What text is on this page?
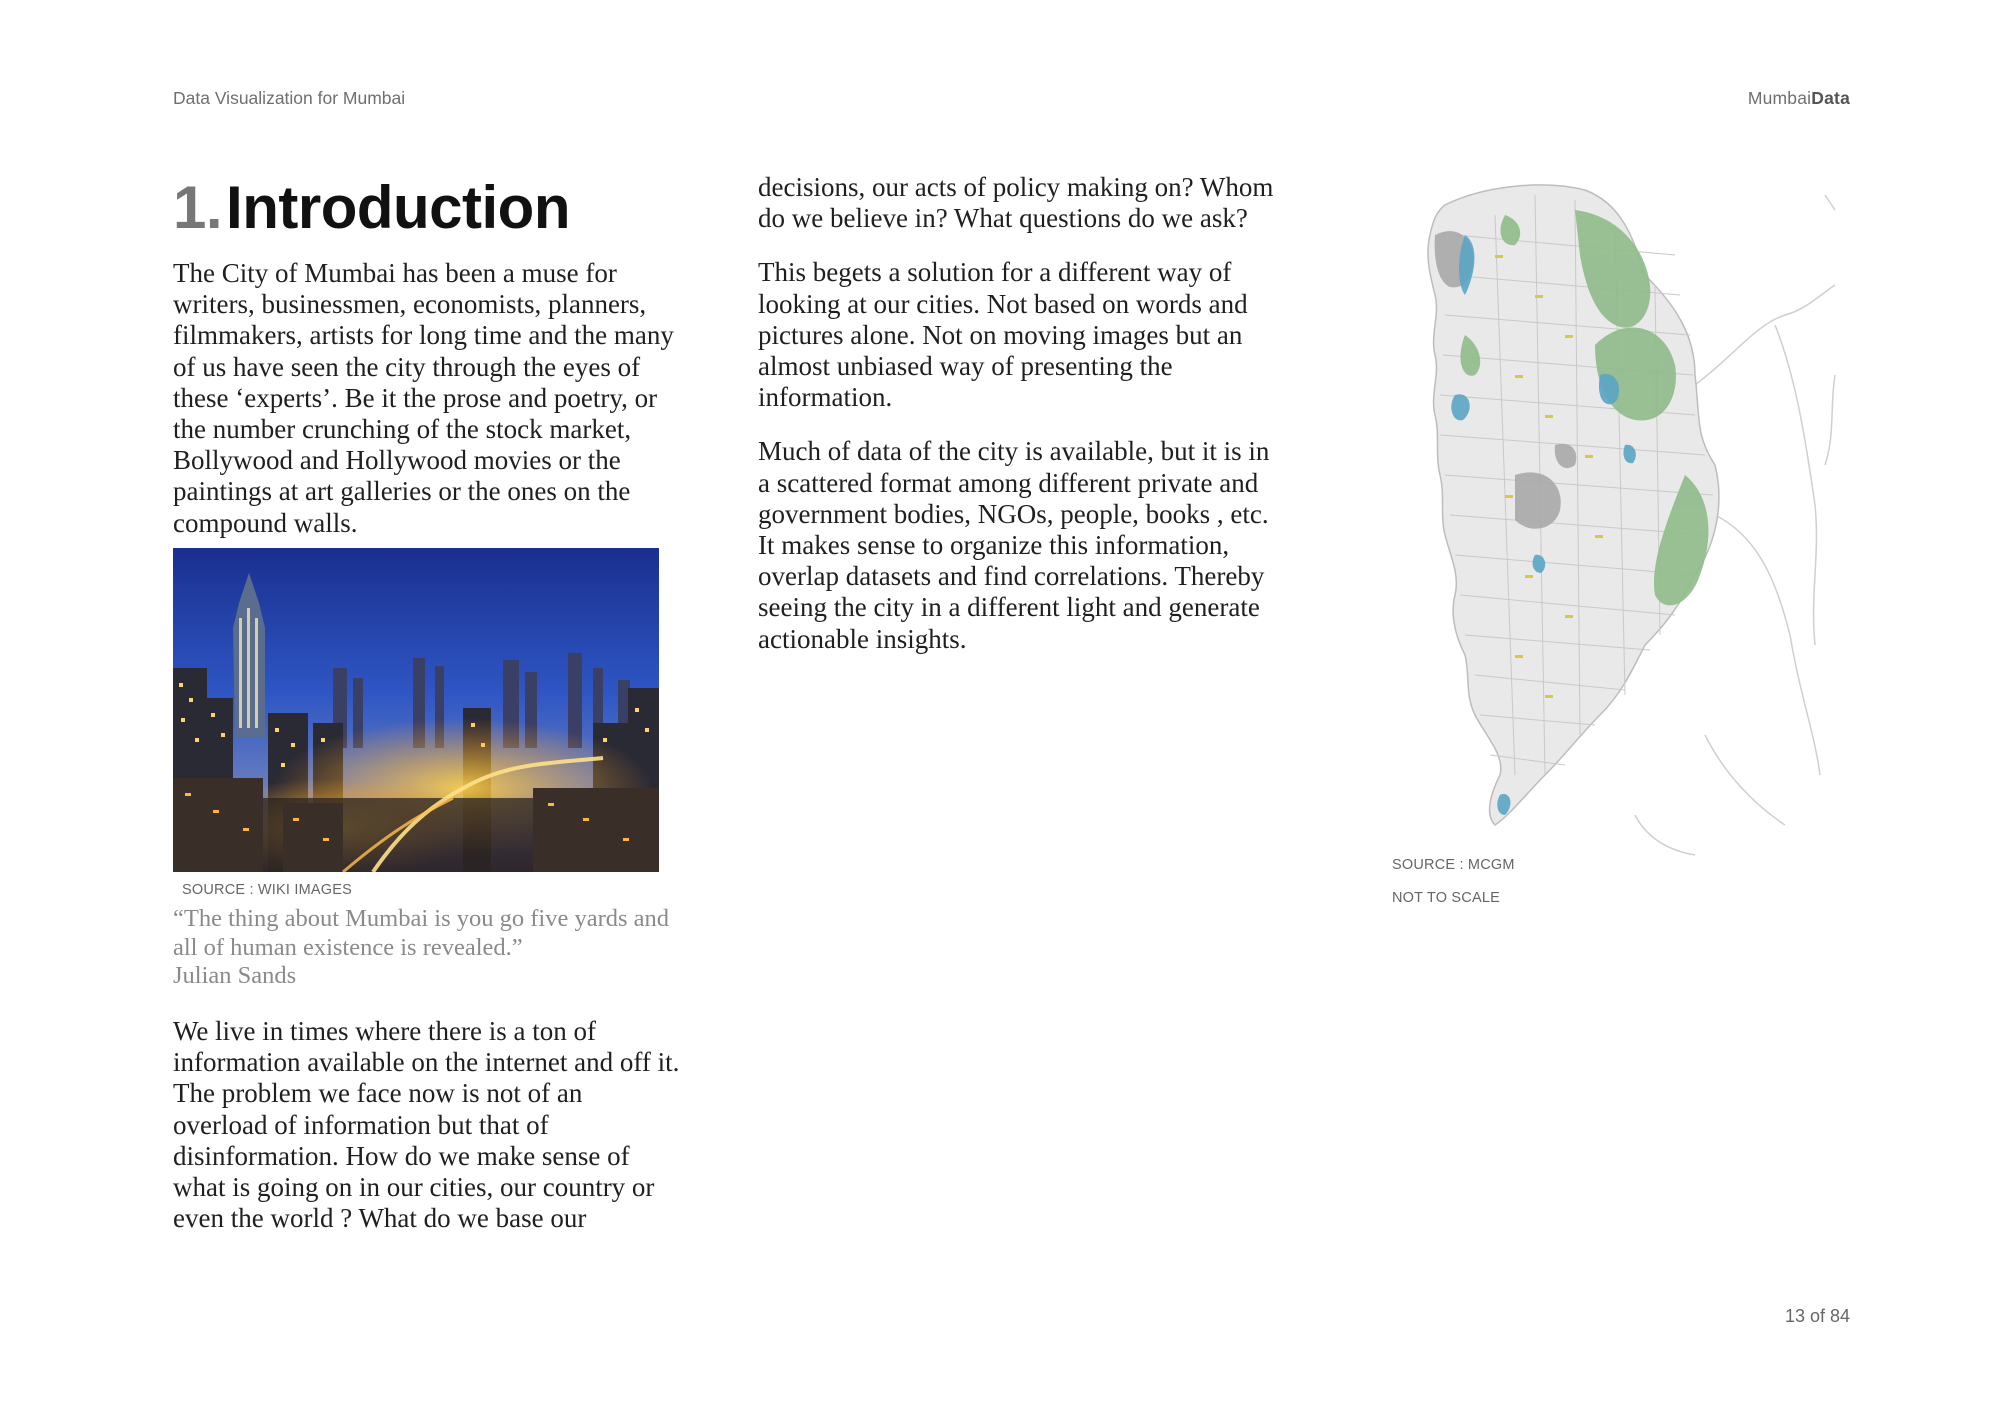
Data Visualization for Mumbai	MumbaiData
1.Introduction

The City of Mumbai has been a muse for writers, businessmen, economists, planners, filmmakers, artists for long time and the many of us have seen the city through the eyes of these ‘experts’. Be it the prose and poetry, or the number crunching of the stock market, Bollywood and Hollywood movies or the paintings at art galleries or the ones on the compound walls.

SOURCE : WIKI IMAGES
“The thing about Mumbai is you go five yards and all of human existence is revealed.”
Julian Sands

We live in times where there is a ton of information available on the internet and off it. The problem we face now is not of an overload of information but that of disinformation. How do we make sense of what is going on in our cities, our country or even the world ? What do we base our

decisions, our acts of policy making on? Whom do we believe in? What questions do we ask?

This begets a solution for a different way of looking at our cities. Not based on words and pictures alone. Not on moving images but an almost unbiased way of presenting the information.

Much of data of the city is available, but it is in a scattered format among different private and government bodies, NGOs, people, books , etc. It makes sense to organize this information, overlap datasets and find correlations. Thereby seeing the city in a different light and generate actionable insights.

SOURCE : MCGM
NOT TO SCALE
13 of 84
